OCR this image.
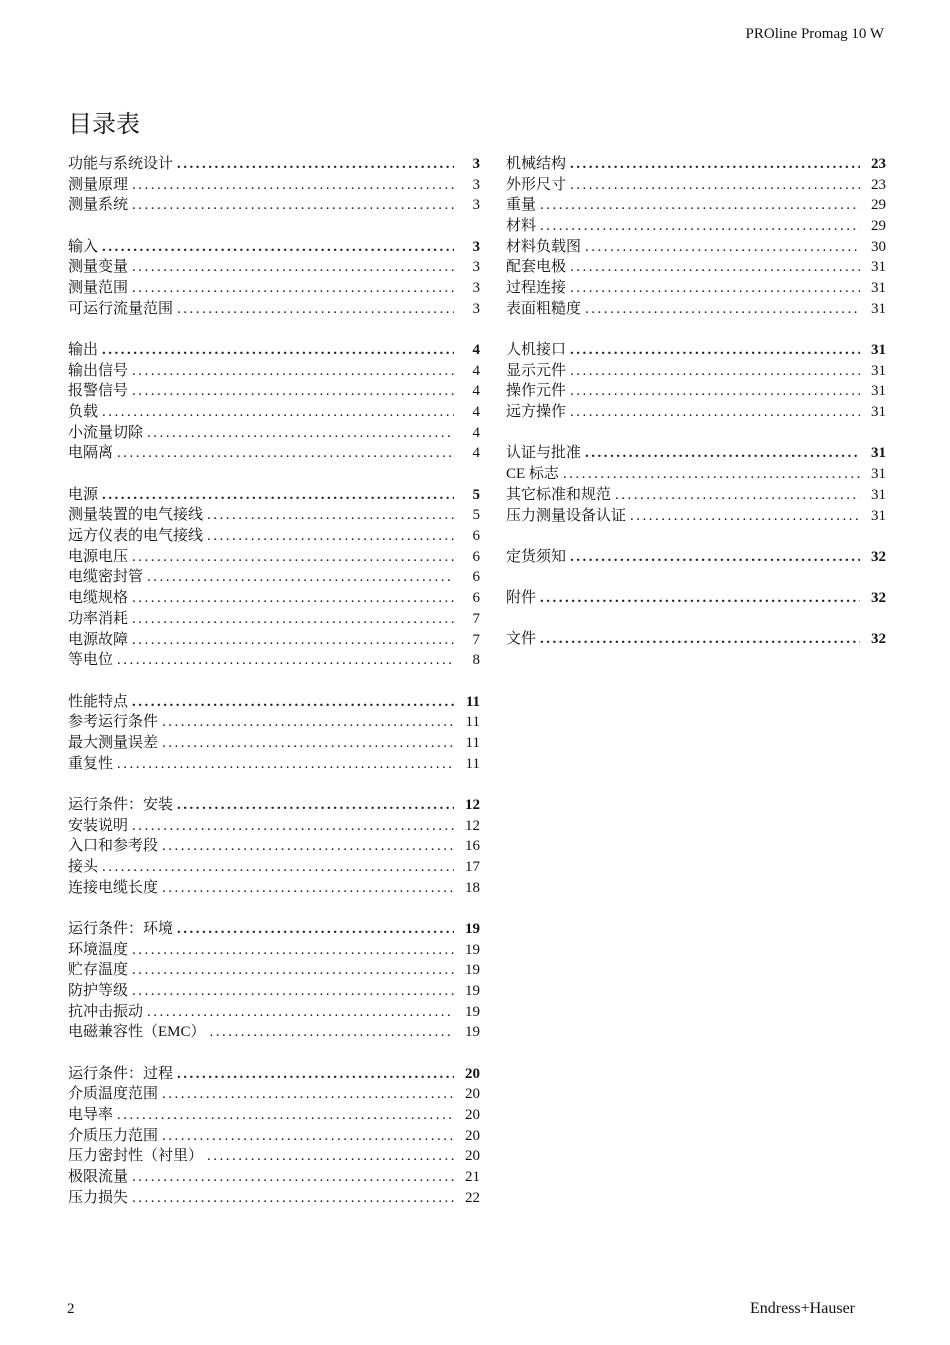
PROline Promag 10 W
目录表
功能与系统设计 .....	3
测量原理 .....	3
测量系统 .....	3
输入 .....	3
测量变量 .....	3
测量范围 .....	3
可运行流量范围 .....	3
输出 .....	4
输出信号 .....	4
报警信号 .....	4
负载 .....	4
小流量切除 .....	4
电隔离 .....	4
电源 .....	5
测量装置的电气接线 .....	5
远方仪表的电气接线 .....	6
电源电压 .....	6
电缆密封管 .....	6
电缆规格 .....	6
功率消耗 .....	7
电源故障 .....	7
等电位 .....	8
性能特点 .....	11
参考运行条件 .....	11
最大测量误差 .....	11
重复性 .....	11
运行条件：安装 .....	12
安装说明 .....	12
入口和参考段 .....	16
接头 .....	17
连接电缆长度 .....	18
运行条件：环境 .....	19
环境温度 .....	19
贮存温度 .....	19
防护等级 .....	19
抗冲击振动 .....	19
电磁兼容性（EMC） .....	19
运行条件：过程 .....	20
介质温度范围 .....	20
电导率 .....	20
介质压力范围 .....	20
压力密封性（衬里） .....	20
极限流量 .....	21
压力损失 .....	22
机械结构 .....	23
外形尺寸 .....	23
重量 .....	29
材料 .....	29
材料负载图 .....	30
配套电极 .....	31
过程连接 .....	31
表面粗糙度 .....	31
人机接口 .....	31
显示元件 .....	31
操作元件 .....	31
远方操作 .....	31
认证与批准 .....	31
CE 标志 .....	31
其它标准和规范 .....	31
压力测量设备认证 .....	31
定货须知 .....	32
附件 .....	32
文件 .....	32
2	Endress+Hauser
